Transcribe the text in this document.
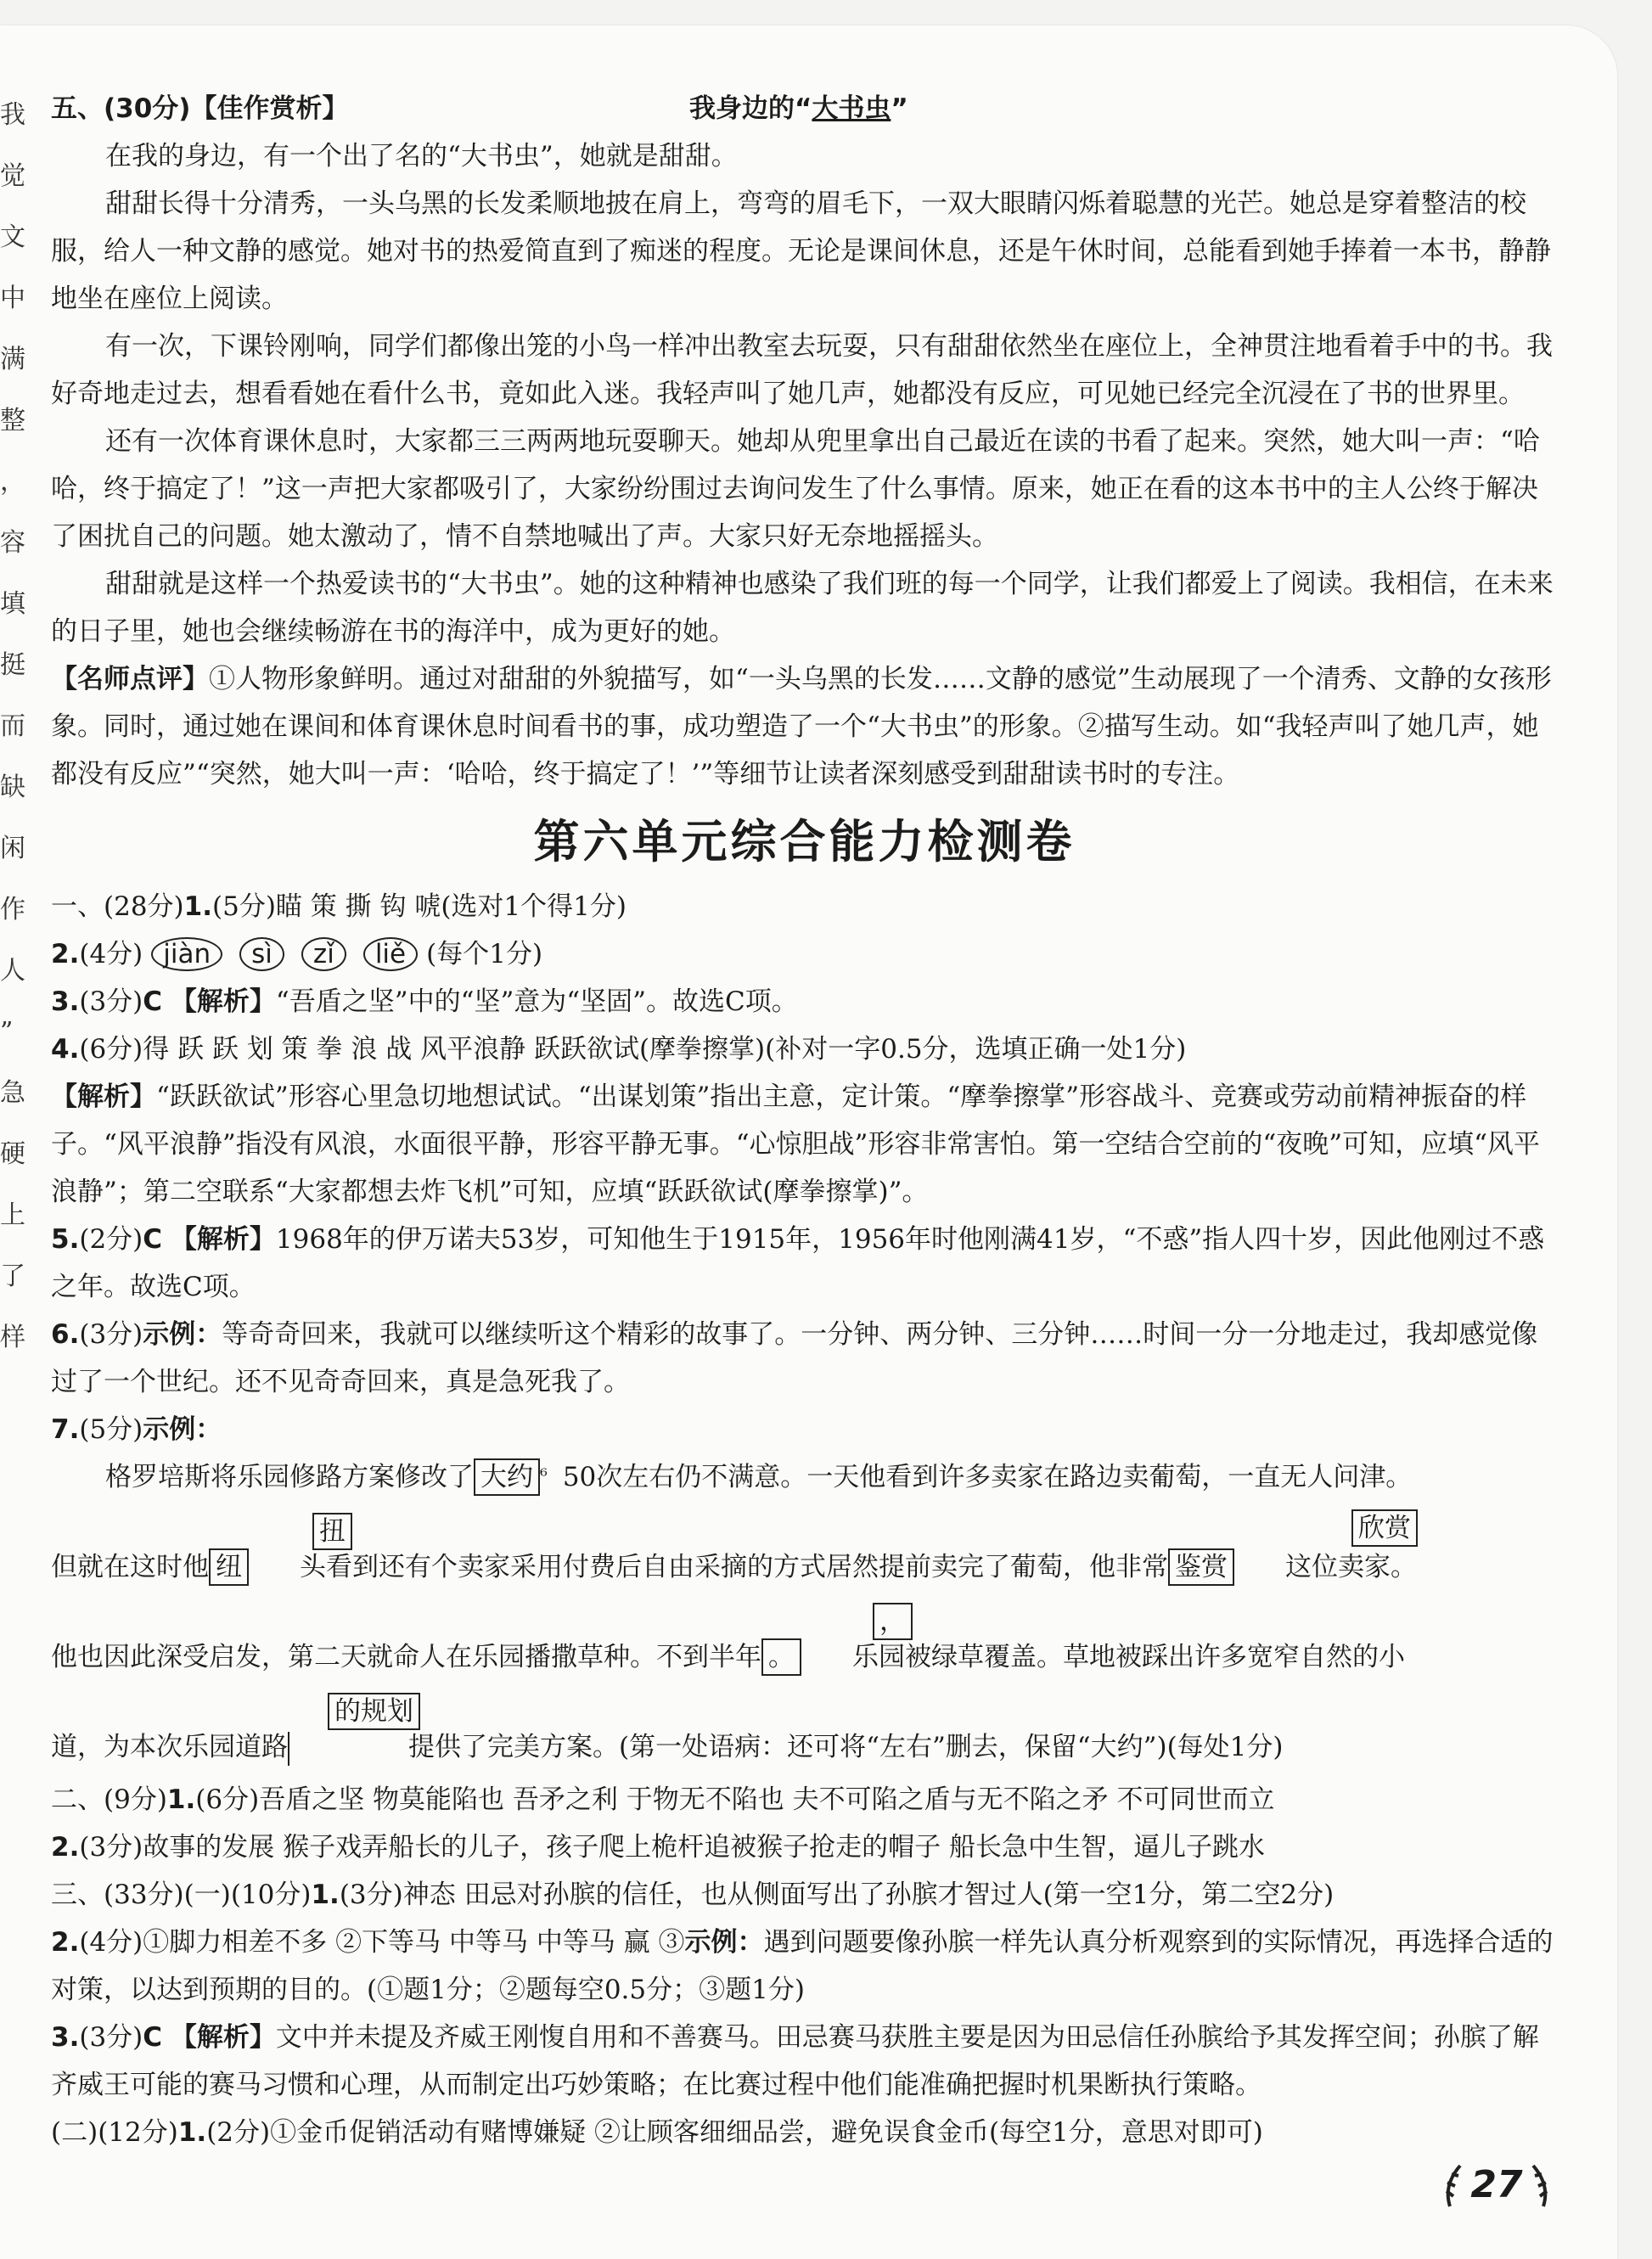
我
觉
文
中
满
整
，
容
填
挺
而
缺
闲
作
人
”
急
硬
上
了
样
五、(30分)【佳作赏析】	我身边的“大书虫”

在我的身边，有一个出了名的“大书虫”，她就是甜甜。

甜甜长得十分清秀，一头乌黑的长发柔顺地披在肩上，弯弯的眉毛下，一双大眼睛闪烁着聪慧的光芒。她总是穿着整洁的校服，给人一种文静的感觉。她对书的热爱简直到了痴迷的程度。无论是课间休息，还是午休时间，总能看到她手捧着一本书，静静地坐在座位上阅读。

有一次，下课铃刚响，同学们都像出笼的小鸟一样冲出教室去玩耍，只有甜甜依然坐在座位上，全神贯注地看着手中的书。我好奇地走过去，想看看她在看什么书，竟如此入迷。我轻声叫了她几声，她都没有反应，可见她已经完全沉浸在了书的世界里。

还有一次体育课休息时，大家都三三两两地玩耍聊天。她却从兜里拿出自己最近在读的书看了起来。突然，她大叫一声：“哈哈，终于搞定了！”这一声把大家都吸引了，大家纷纷围过去询问发生了什么事情。原来，她正在看的这本书中的主人公终于解决了困扰自己的问题。她太激动了，情不自禁地喊出了声。大家只好无奈地摇摇头。

甜甜就是这样一个热爱读书的“大书虫”。她的这种精神也感染了我们班的每一个同学，让我们都爱上了阅读。我相信，在未来的日子里，她也会继续畅游在书的海洋中，成为更好的她。

【名师点评】①人物形象鲜明。通过对甜甜的外貌描写，如“一头乌黑的长发……文静的感觉”生动展现了一个清秀、文静的女孩形象。同时，通过她在课间和体育课休息时间看书的事，成功塑造了一个“大书虫”的形象。②描写生动。如“我轻声叫了她几声，她都没有反应”“突然，她大叫一声：‘哈哈，终于搞定了！’”等细节让读者深刻感受到甜甜读书时的专注。

第六单元综合能力检测卷

一、(28分)1.(5分)瞄 策 撕 钩 唬(选对1个得1分)

2.(4分) jiàn sì zǐ liě (每个1分)

3.(3分)C 【解析】“吾盾之坚”中的“坚”意为“坚固”。故选C项。

4.(6分)得 跃 跃 划 策 拳 浪 战 风平浪静 跃跃欲试(摩拳擦掌)(补对一字0.5分，选填正确一处1分)

【解析】“跃跃欲试”形容心里急切地想试试。“出谋划策”指出主意，定计策。“摩拳擦掌”形容战斗、竞赛或劳动前精神振奋的样子。“风平浪静”指没有风浪，水面很平静，形容平静无事。“心惊胆战”形容非常害怕。第一空结合空前的“夜晚”可知，应填“风平浪静”；第二空联系“大家都想去炸飞机”可知，应填“跃跃欲试(摩拳擦掌)”。

5.(2分)C 【解析】1968年的伊万诺夫53岁，可知他生于1915年，1956年时他刚满41岁，“不惑”指人四十岁，因此他刚过不惑之年。故选C项。

6.(3分)示例：等奇奇回来，我就可以继续听这个精彩的故事了。一分钟、两分钟、三分钟……时间一分一分地走过，我却感觉像过了一个世纪。还不见奇奇回来，真是急死我了。

7.(5分)示例：

格罗培斯将乐园修路方案修改了 大约 $^{^6}$ 50次左右仍不满意。一天他看到许多卖家在路边卖葡萄，一直无人问津。
扭	欣赏
但就在这时他 纽 头看到还有个卖家采用付费后自由采摘的方式居然提前卖完了葡萄，他非常 鉴赏 这位卖家。
，
他也因此深受启发，第二天就命人在乐园播撒草种。不到半年 。 乐园被绿草覆盖。草地被踩出许多宽窄自然的小
的规划
道，为本次乐园道路	提供了完美方案。(第一处语病：还可将“左右”删去，保留“大约”)(每处1分)

二、(9分)1.(6分)吾盾之坚 物莫能陷也 吾矛之利 于物无不陷也 夫不可陷之盾与无不陷之矛 不可同世而立

2.(3分)故事的发展 猴子戏弄船长的儿子，孩子爬上桅杆追被猴子抢走的帽子 船长急中生智，逼儿子跳水

三、(33分)(一)(10分)1.(3分)神态 田忌对孙膑的信任，也从侧面写出了孙膑才智过人(第一空1分，第二空2分)

2.(4分)①脚力相差不多 ②下等马 中等马 中等马 赢 ③示例：遇到问题要像孙膑一样先认真分析观察到的实际情况，再选择合适的对策，以达到预期的目的。(①题1分；②题每空0.5分；③题1分)

3.(3分)C 【解析】文中并未提及齐威王刚愎自用和不善赛马。田忌赛马获胜主要是因为田忌信任孙膑给予其发挥空间；孙膑了解齐威王可能的赛马习惯和心理，从而制定出巧妙策略；在比赛过程中他们能准确把握时机果断执行策略。

(二)(12分)1.(2分)①金币促销活动有赌博嫌疑 ②让顾客细细品尝，避免误食金币(每空1分，意思对即可)

27
